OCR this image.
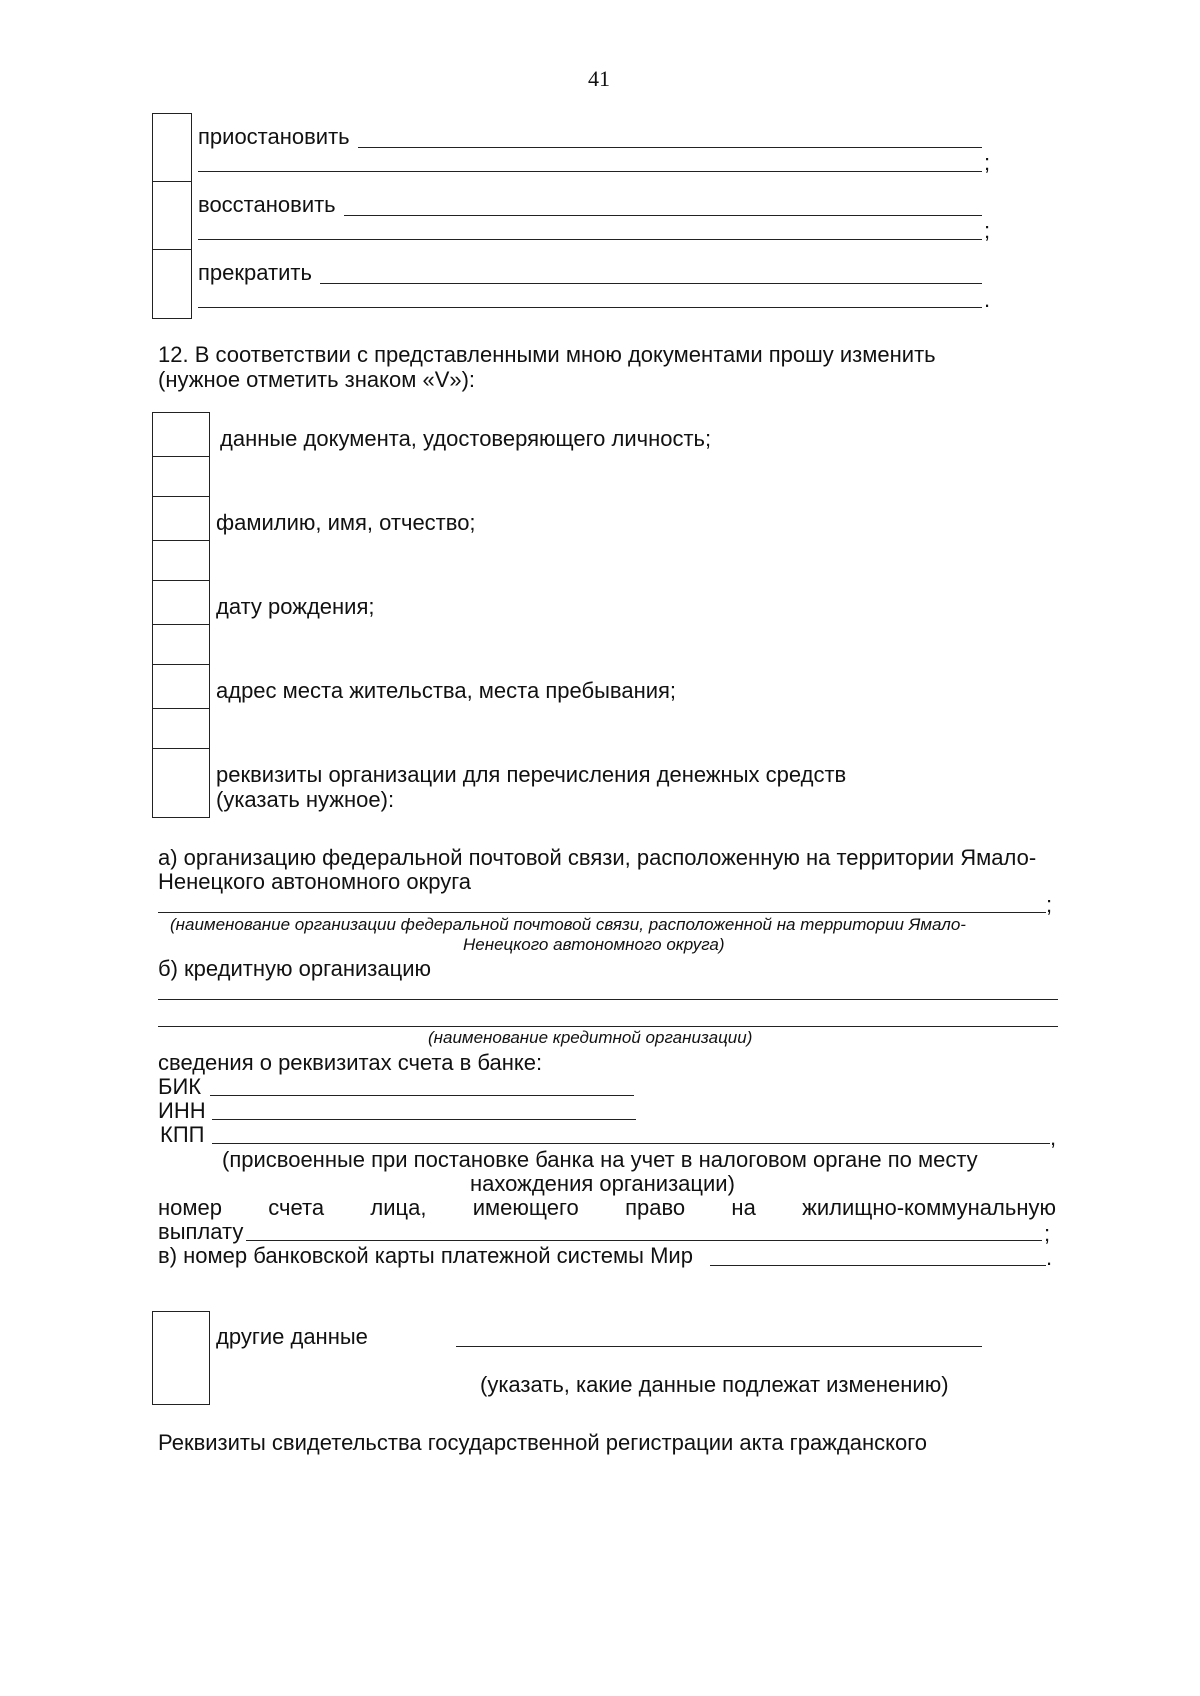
41
приостановить
;
восстановить
;
прекратить
.
12. В соответствии с представленными мною документами прошу изменить
(нужное отметить знаком «V»):
данные документа, удостоверяющего личность;
фамилию, имя, отчество;
дату рождения;
адрес места жительства, места пребывания;
реквизиты организации для перечисления денежных средств
(указать нужное):
а) организацию федеральной почтовой связи, расположенную на территории Ямало-
Ненецкого автономного округа
;
(наименование организации федеральной почтовой связи, расположенной на территории Ямало-
Ненецкого автономного округа)
б) кредитную организацию
(наименование кредитной организации)
сведения о реквизитах счета в банке:
БИК
ИНН
КПП	,
(присвоенные при постановке банка на учет в налоговом органе по месту
нахождения организации)
номер счета лица, имеющего право на жилищно-коммунальную
выплату	;
в) номер банковской карты платежной системы Мир	.
другие данные
(указать, какие данные подлежат изменению)
Реквизиты свидетельства государственной регистрации акта гражданского
